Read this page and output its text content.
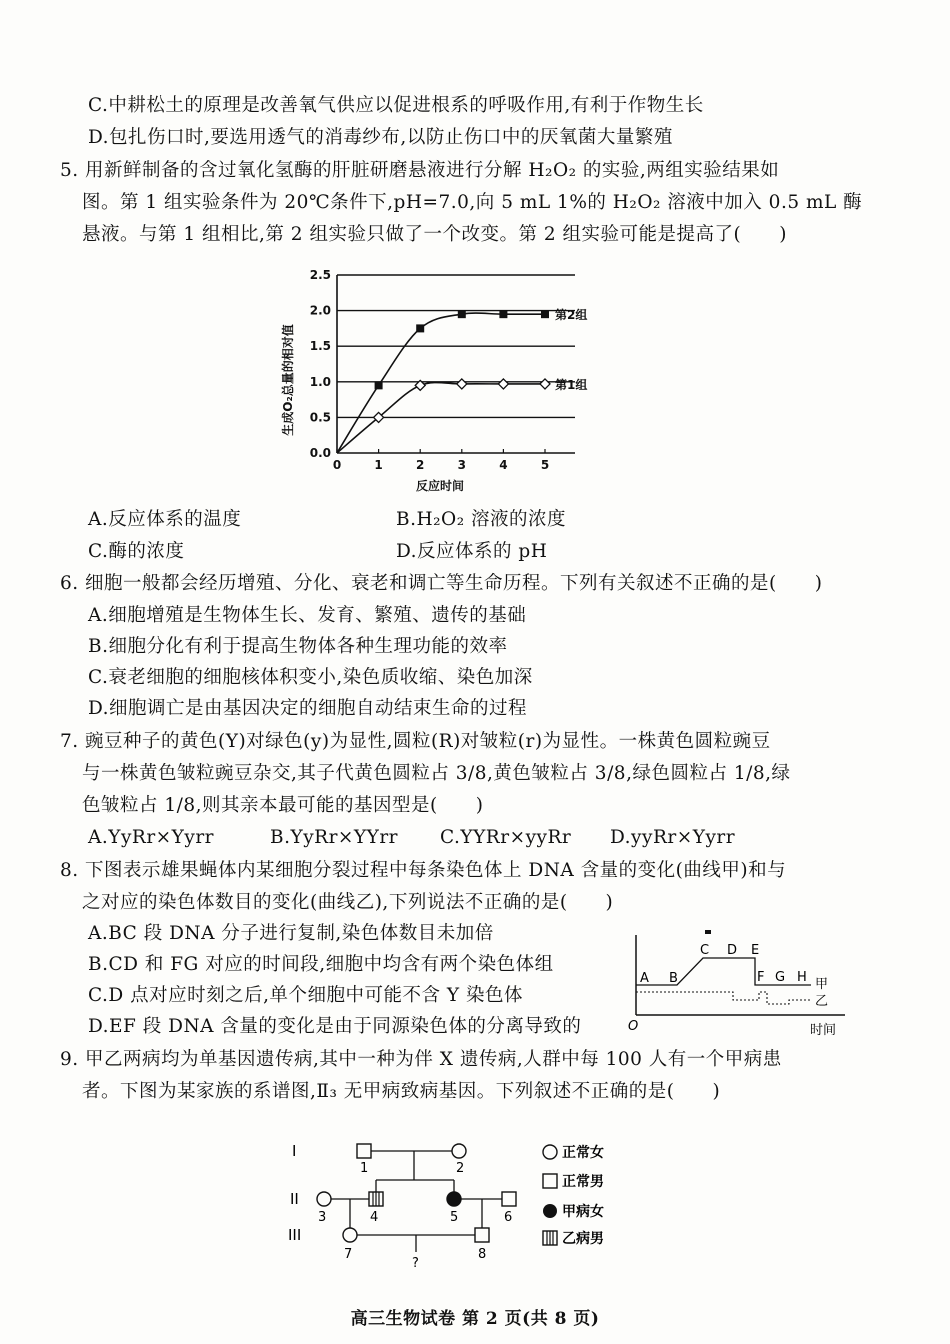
C.中耕松土的原理是改善氧气供应以促进根系的呼吸作用,有利于作物生长
D.包扎伤口时,要选用透气的消毒纱布,以防止伤口中的厌氧菌大量繁殖
5. 用新鲜制备的含过氧化氢酶的肝脏研磨悬液进行分解 H₂O₂ 的实验,两组实验结果如
图。第 1 组实验条件为 20℃条件下,pH=7.0,向 5 mL 1%的 H₂O₂ 溶液中加入 0.5 mL 酶
悬液。与第 1 组相比,第 2 组实验只做了一个改变。第 2 组实验可能是提高了(　　)
生成O₂总量的相对值
反应时间
0.0
0.5
1.0
1.5
2.0
2.5
0	1	2	3	4	5
第2组
第1组
A.反应体系的温度	B.H₂O₂ 溶液的浓度
C.酶的浓度	D.反应体系的 pH
6. 细胞一般都会经历增殖、分化、衰老和调亡等生命历程。下列有关叙述不正确的是(　　)
A.细胞增殖是生物体生长、发育、繁殖、遗传的基础
B.细胞分化有利于提高生物体各种生理功能的效率
C.衰老细胞的细胞核体积变小,染色质收缩、染色加深
D.细胞调亡是由基因决定的细胞自动结束生命的过程
7. 豌豆种子的黄色(Y)对绿色(y)为显性,圆粒(R)对皱粒(r)为显性。一株黄色圆粒豌豆
与一株黄色皱粒豌豆杂交,其子代黄色圆粒占 3/8,黄色皱粒占 3/8,绿色圆粒占 1/8,绿
色皱粒占 1/8,则其亲本最可能的基因型是(　　)
A.YyRr×Yyrr	B.YyRr×YYrr C.YYRr×yyRr D.yyRr×Yyrr
8. 下图表示雄果蝇体内某细胞分裂过程中每条染色体上 DNA 含量的变化(曲线甲)和与
之对应的染色体数目的变化(曲线乙),下列说法不正确的是(　　)
A.BC 段 DNA 分子进行复制,染色体数目未加倍
B.CD 和 FG 对应的时间段,细胞中均含有两个染色体组
C.D 点对应时刻之后,单个细胞中可能不含 Y 染色体
D.EF 段 DNA 含量的变化是由于同源染色体的分离导致的
A B
C D E
F G H 甲
乙
O	时间
9. 甲乙两病均为单基因遗传病,其中一种为伴 X 遗传病,人群中每 100 人有一个甲病患
者。下图为某家族的系谱图,Ⅱ₃ 无甲病致病基因。下列叙述不正确的是(　　)
I
II
III
1	2
3	4	5	6
7	8
?
正常女
正常男
甲病女
乙病男
高三生物试卷 第 2 页(共 8 页)
